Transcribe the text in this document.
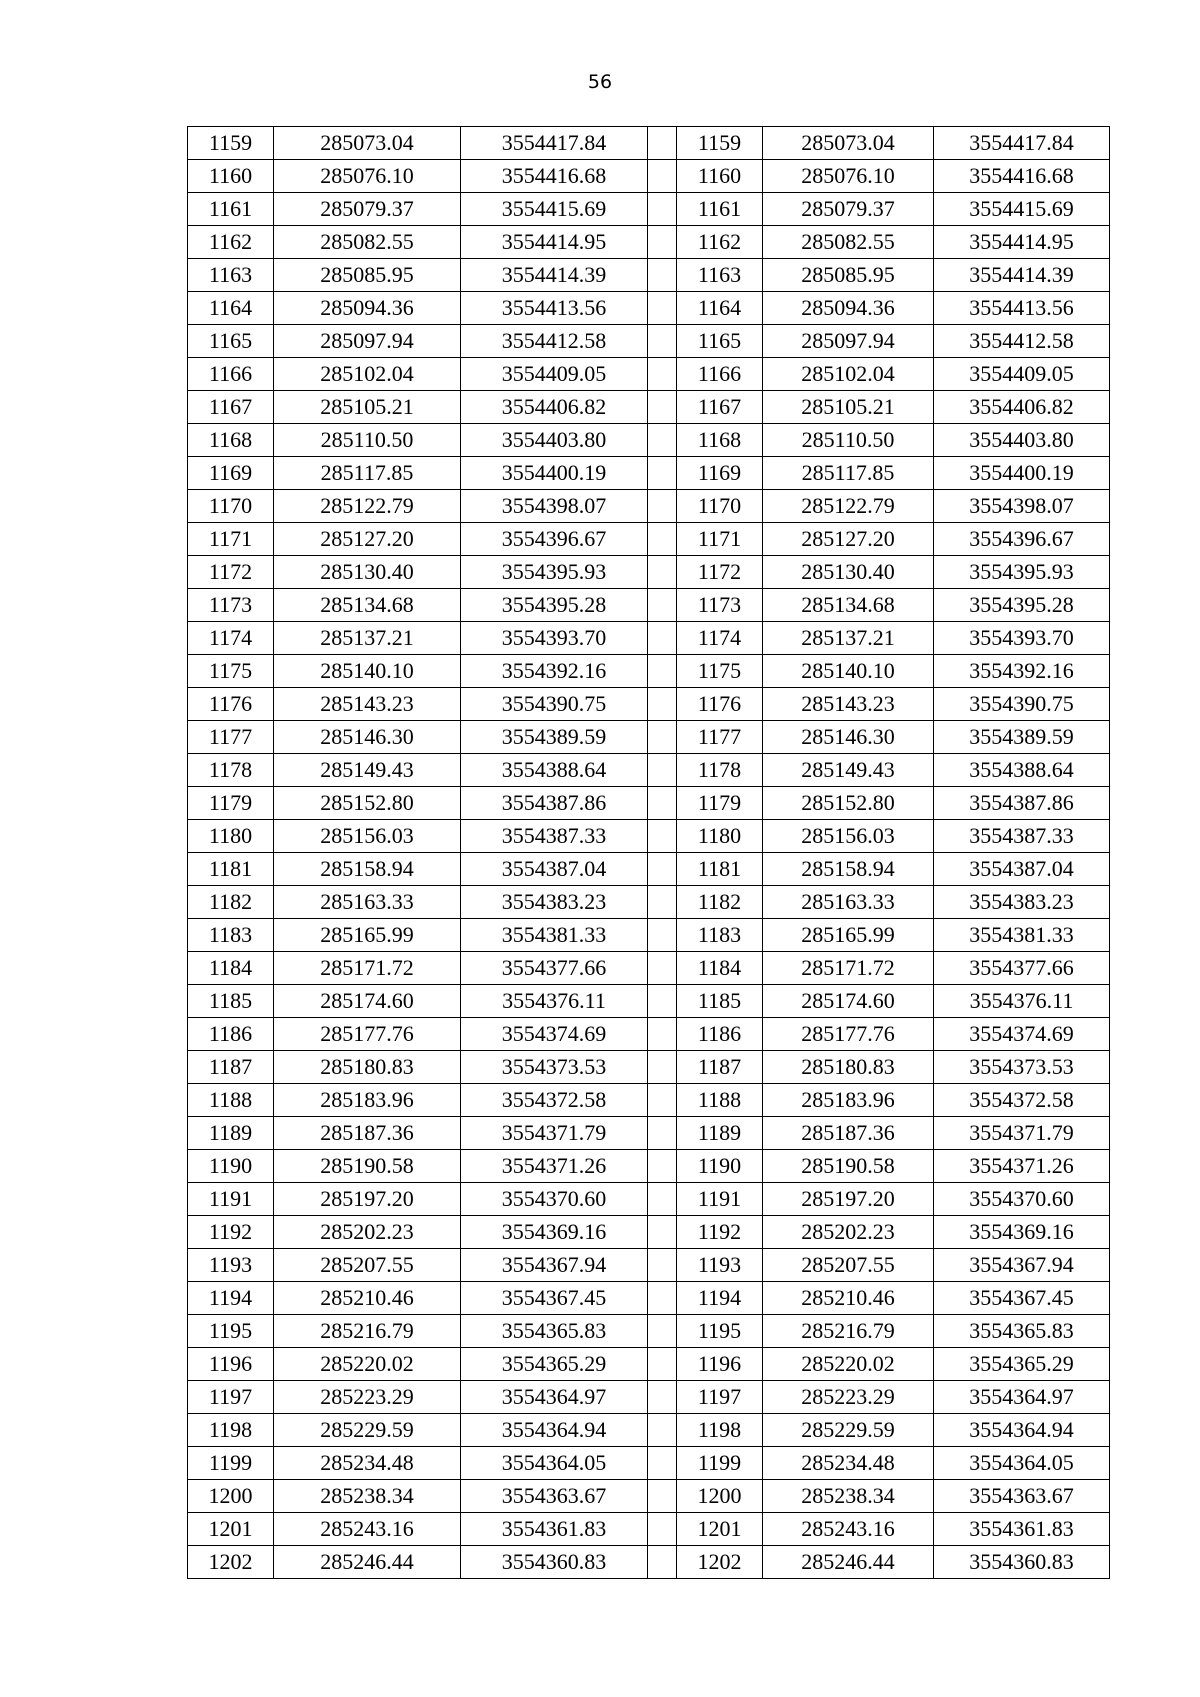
56
1159	285073.04	3554417.84		1159	285073.04	3554417.84
1160	285076.10	3554416.68		1160	285076.10	3554416.68
1161	285079.37	3554415.69		1161	285079.37	3554415.69
1162	285082.55	3554414.95		1162	285082.55	3554414.95
1163	285085.95	3554414.39		1163	285085.95	3554414.39
1164	285094.36	3554413.56		1164	285094.36	3554413.56
1165	285097.94	3554412.58		1165	285097.94	3554412.58
1166	285102.04	3554409.05		1166	285102.04	3554409.05
1167	285105.21	3554406.82		1167	285105.21	3554406.82
1168	285110.50	3554403.80		1168	285110.50	3554403.80
1169	285117.85	3554400.19		1169	285117.85	3554400.19
1170	285122.79	3554398.07		1170	285122.79	3554398.07
1171	285127.20	3554396.67		1171	285127.20	3554396.67
1172	285130.40	3554395.93		1172	285130.40	3554395.93
1173	285134.68	3554395.28		1173	285134.68	3554395.28
1174	285137.21	3554393.70		1174	285137.21	3554393.70
1175	285140.10	3554392.16		1175	285140.10	3554392.16
1176	285143.23	3554390.75		1176	285143.23	3554390.75
1177	285146.30	3554389.59		1177	285146.30	3554389.59
1178	285149.43	3554388.64		1178	285149.43	3554388.64
1179	285152.80	3554387.86		1179	285152.80	3554387.86
1180	285156.03	3554387.33		1180	285156.03	3554387.33
1181	285158.94	3554387.04		1181	285158.94	3554387.04
1182	285163.33	3554383.23		1182	285163.33	3554383.23
1183	285165.99	3554381.33		1183	285165.99	3554381.33
1184	285171.72	3554377.66		1184	285171.72	3554377.66
1185	285174.60	3554376.11		1185	285174.60	3554376.11
1186	285177.76	3554374.69		1186	285177.76	3554374.69
1187	285180.83	3554373.53		1187	285180.83	3554373.53
1188	285183.96	3554372.58		1188	285183.96	3554372.58
1189	285187.36	3554371.79		1189	285187.36	3554371.79
1190	285190.58	3554371.26		1190	285190.58	3554371.26
1191	285197.20	3554370.60		1191	285197.20	3554370.60
1192	285202.23	3554369.16		1192	285202.23	3554369.16
1193	285207.55	3554367.94		1193	285207.55	3554367.94
1194	285210.46	3554367.45		1194	285210.46	3554367.45
1195	285216.79	3554365.83		1195	285216.79	3554365.83
1196	285220.02	3554365.29		1196	285220.02	3554365.29
1197	285223.29	3554364.97		1197	285223.29	3554364.97
1198	285229.59	3554364.94		1198	285229.59	3554364.94
1199	285234.48	3554364.05		1199	285234.48	3554364.05
1200	285238.34	3554363.67		1200	285238.34	3554363.67
1201	285243.16	3554361.83		1201	285243.16	3554361.83
1202	285246.44	3554360.83		1202	285246.44	3554360.83
